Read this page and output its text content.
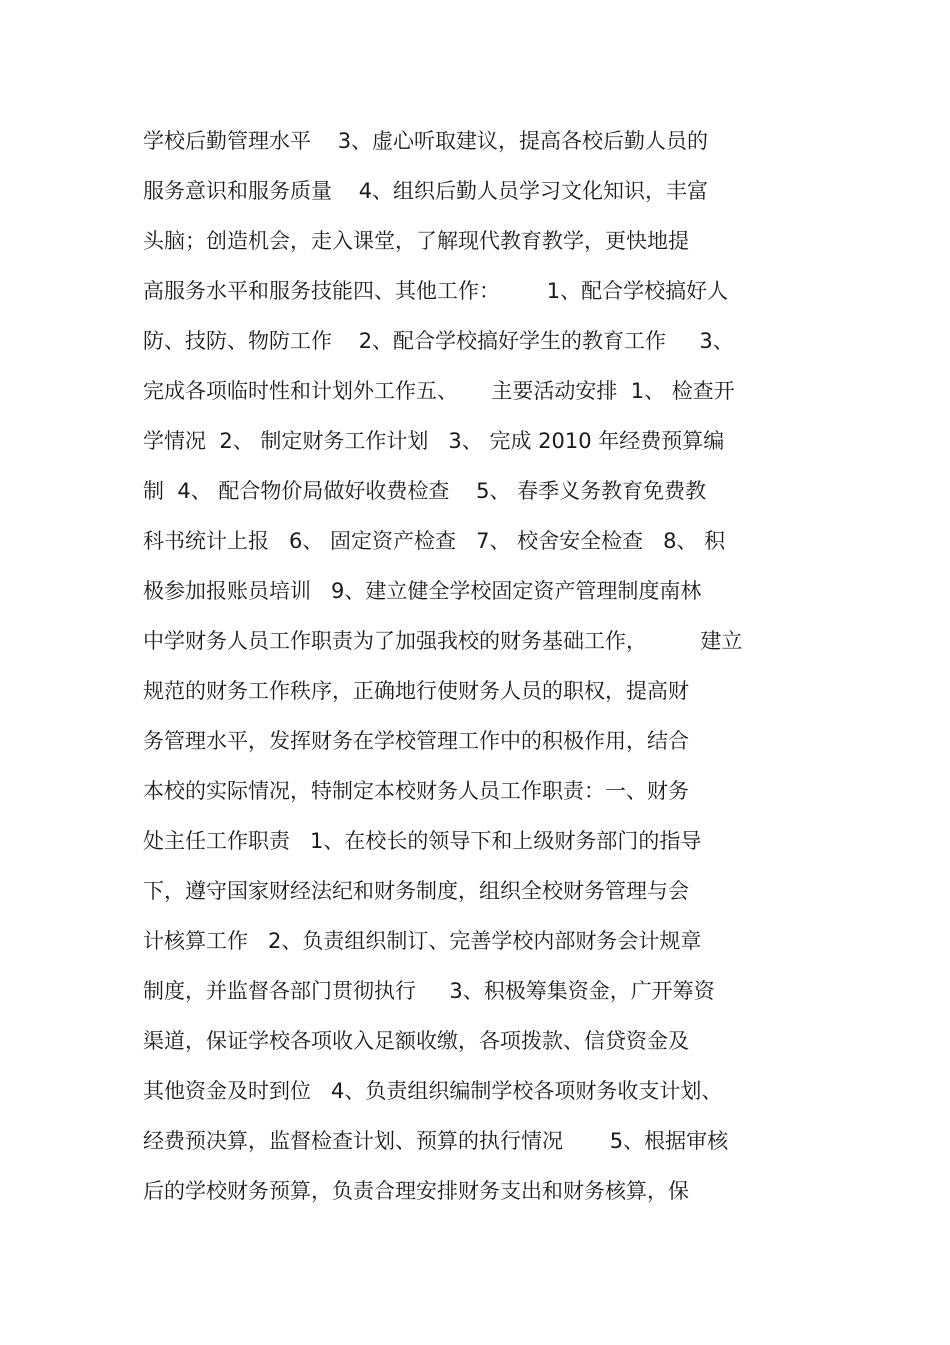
学校后勤管理水平    3、虚心听取建议，提高各校后勤人员的
服务意识和服务质量    4、组织后勤人员学习文化知识，丰富
头脑；创造机会，走入课堂，了解现代教育教学，更快地提
高服务水平和服务技能四、其他工作：       1、配合学校搞好人
防、技防、物防工作    2、配合学校搞好学生的教育工作     3、
完成各项临时性和计划外工作五、     主要活动安排  1、 检查开
学情况  2、 制定财务工作计划   3、 完成 2010 年经费预算编
制  4、 配合物价局做好收费检查    5、 春季义务教育免费教
科书统计上报   6、 固定资产检查   7、 校舍安全检查   8、 积
极参加报账员培训   9、建立健全学校固定资产管理制度南林
中学财务人员工作职责为了加强我校的财务基础工作，        建立
规范的财务工作秩序，正确地行使财务人员的职权，提高财
务管理水平，发挥财务在学校管理工作中的积极作用，结合
本校的实际情况，特制定本校财务人员工作职责：一、财务
处主任工作职责   1、在校长的领导下和上级财务部门的指导
下，遵守国家财经法纪和财务制度，组织全校财务管理与会
计核算工作   2、负责组织制订、完善学校内部财务会计规章
制度，并监督各部门贯彻执行     3、积极筹集资金，广开筹资
渠道，保证学校各项收入足额收缴，各项拨款、信贷资金及
其他资金及时到位   4、负责组织编制学校各项财务收支计划、
经费预决算，监督检查计划、预算的执行情况       5、根据审核
后的学校财务预算，负责合理安排财务支出和财务核算，保
